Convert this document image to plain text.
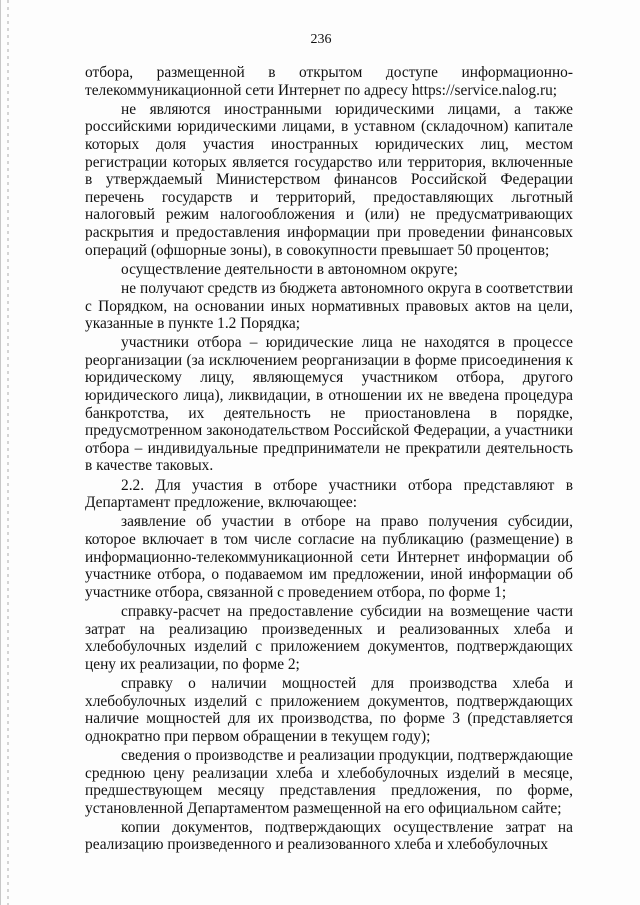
236

отбора, размещенной в открытом доступе информационно-телекоммуникационной сети Интернет по адресу https://service.nalog.ru;

не являются иностранными юридическими лицами, а также российскими юридическими лицами, в уставном (складочном) капитале которых доля участия иностранных юридических лиц, местом регистрации которых является государство или территория, включенные в утверждаемый Министерством финансов Российской Федерации перечень государств и территорий, предоставляющих льготный налоговый режим налогообложения и (или) не предусматривающих раскрытия и предоставления информации при проведении финансовых операций (офшорные зоны), в совокупности превышает 50 процентов;

осуществление деятельности в автономном округе;

не получают средств из бюджета автономного округа в соответствии с Порядком, на основании иных нормативных правовых актов на цели, указанные в пункте 1.2 Порядка;

участники отбора – юридические лица не находятся в процессе реорганизации (за исключением реорганизации в форме присоединения к юридическому лицу, являющемуся участником отбора, другого юридического лица), ликвидации, в отношении их не введена процедура банкротства, их деятельность не приостановлена в порядке, предусмотренном законодательством Российской Федерации, а участники отбора – индивидуальные предприниматели не прекратили деятельность в качестве таковых.

2.2. Для участия в отборе участники отбора представляют в Департамент предложение, включающее:

заявление об участии в отборе на право получения субсидии, которое включает в том числе согласие на публикацию (размещение) в информационно-телекоммуникационной сети Интернет информации об участнике отбора, о подаваемом им предложении, иной информации об участнике отбора, связанной с проведением отбора, по форме 1;

справку-расчет на предоставление субсидии на возмещение части затрат на реализацию произведенных и реализованных хлеба и хлебобулочных изделий с приложением документов, подтверждающих цену их реализации, по форме 2;

справку о наличии мощностей для производства хлеба и хлебобулочных изделий с приложением документов, подтверждающих наличие мощностей для их производства, по форме 3 (представляется однократно при первом обращении в текущем году);

сведения о производстве и реализации продукции, подтверждающие среднюю цену реализации хлеба и хлебобулочных изделий в месяце, предшествующем месяцу представления предложения, по форме, установленной Департаментом размещенной на его официальном сайте;

копии документов, подтверждающих осуществление затрат на реализацию произведенного и реализованного хлеба и хлебобулочных
